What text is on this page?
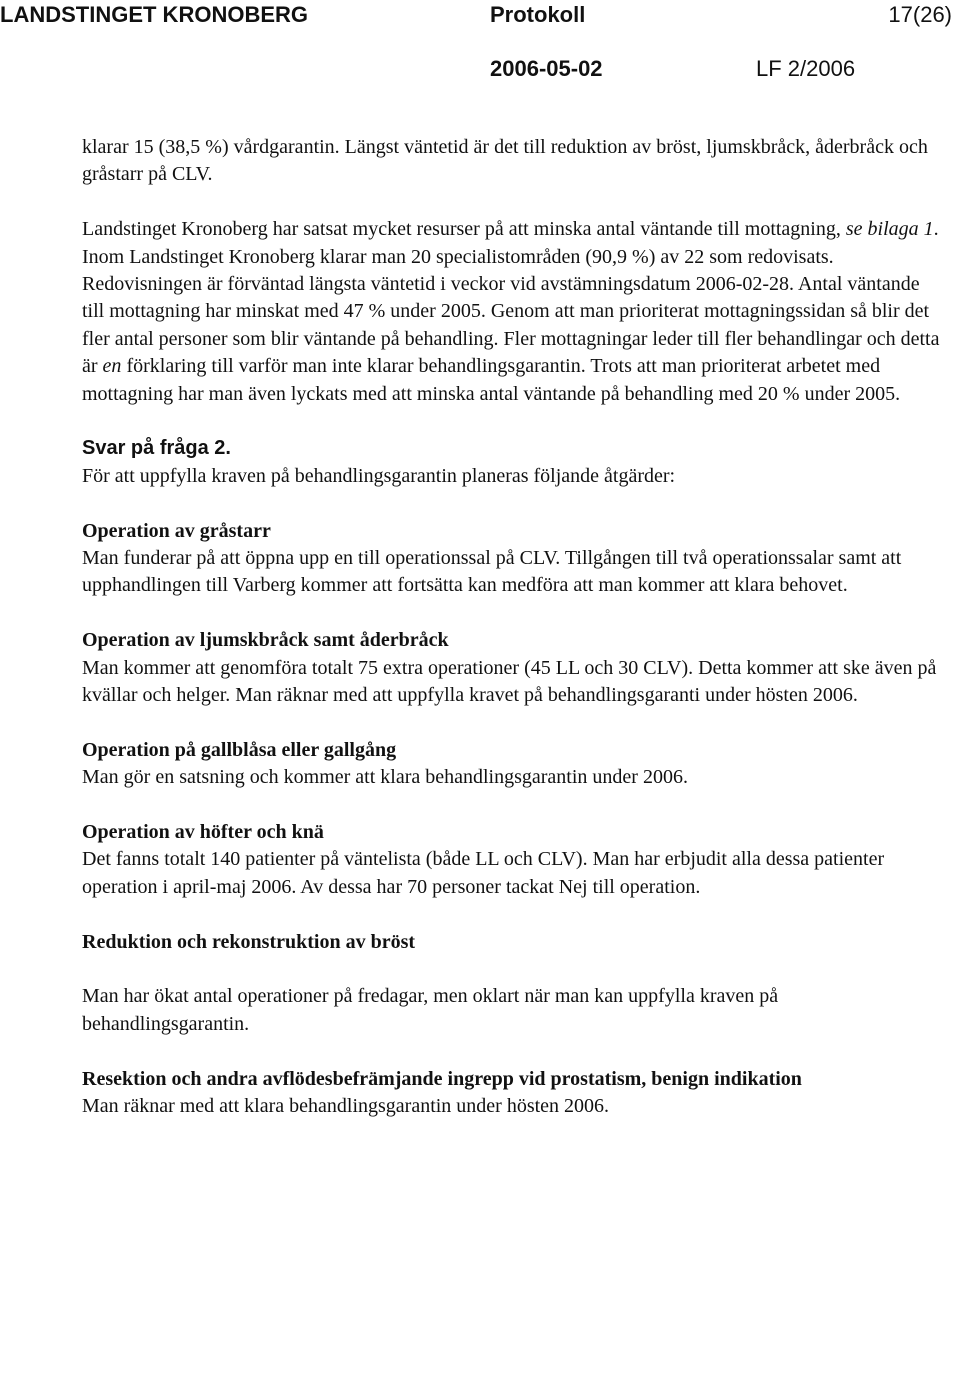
LANDSTINGET KRONOBERG	Protokoll	17(26)
2006-05-02	LF 2/2006

klarar 15 (38,5 %) vårdgarantin. Längst väntetid är det till reduktion av bröst, ljumskbråck, åderbråck och gråstarr på CLV.

Landstinget Kronoberg har satsat mycket resurser på att minska antal väntande till mottagning, se bilaga 1. Inom Landstinget Kronoberg klarar man 20 specialistområden (90,9 %) av 22 som redovisats. Redovisningen är förväntad längsta väntetid i veckor vid avstämningsdatum 2006-02-28. Antal väntande till mottagning har minskat med 47 % under 2005. Genom att man prioriterat mottagningssidan så blir det fler antal personer som blir väntande på behandling. Fler mottagningar leder till fler behandlingar och detta är en förklaring till varför man inte klarar behandlingsgarantin. Trots att man prioriterat arbetet med mottagning har man även lyckats med att minska antal väntande på behandling med 20 % under 2005.

Svar på fråga 2.

För att uppfylla kraven på behandlingsgarantin planeras följande åtgärder:

Operation av gråstarr

Man funderar på att öppna upp en till operationssal på CLV. Tillgången till två operationssalar samt att upphandlingen till Varberg kommer att fortsätta kan medföra att man kommer att klara behovet.

Operation av ljumskbråck samt åderbråck

Man kommer att genomföra totalt 75 extra operationer (45 LL och 30 CLV). Detta kommer att ske även på kvällar och helger. Man räknar med att uppfylla kravet på behandlingsgaranti under hösten 2006.

Operation på gallblåsa eller gallgång

Man gör en satsning och kommer att klara behandlingsgarantin under 2006.

Operation av höfter och knä

Det fanns totalt 140 patienter på väntelista (både LL och CLV). Man har erbjudit alla dessa patienter operation i april-maj 2006. Av dessa har 70 personer tackat Nej till operation.

Reduktion och rekonstruktion av bröst

Man har ökat antal operationer på fredagar, men oklart när man kan uppfylla kraven på behandlingsgarantin.

Resektion och andra avflödesbefrämjande ingrepp vid prostatism, benign indikation

Man räknar med att klara behandlingsgarantin under hösten 2006.
